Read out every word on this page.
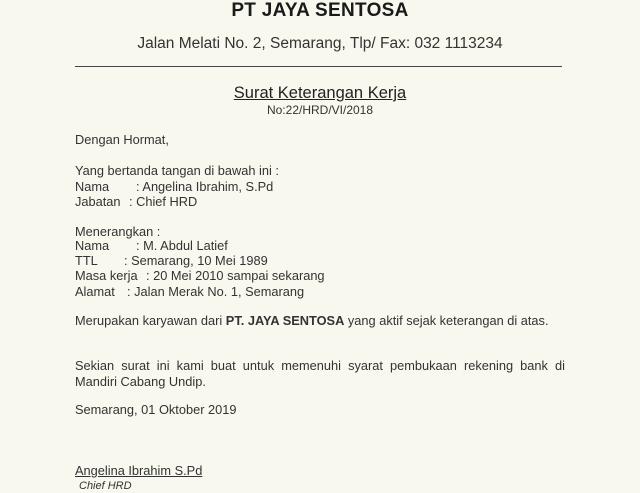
PT JAYA SENTOSA
Jalan Melati No. 2, Semarang, Tlp/ Fax: 032 1113234
Surat Keterangan Kerja
No:22/HRD/VI/2018
Dengan Hormat,
Yang bertanda tangan di bawah ini :
Nama : Angelina Ibrahim, S.Pd
Jabatan : Chief HRD
Menerangkan :
Nama : M. Abdul Latief
TTL : Semarang, 10 Mei 1989
Masa kerja : 20 Mei 2010 sampai sekarang
Alamat : Jalan Merak No. 1, Semarang
Merupakan karyawan dari PT. JAYA SENTOSA yang aktif sejak keterangan di atas.
Sekian surat ini kami buat untuk memenuhi syarat pembukaan rekening bank di Mandiri Cabang Undip.
Semarang, 01 Oktober 2019
Angelina Ibrahim S.Pd
Chief HRD
